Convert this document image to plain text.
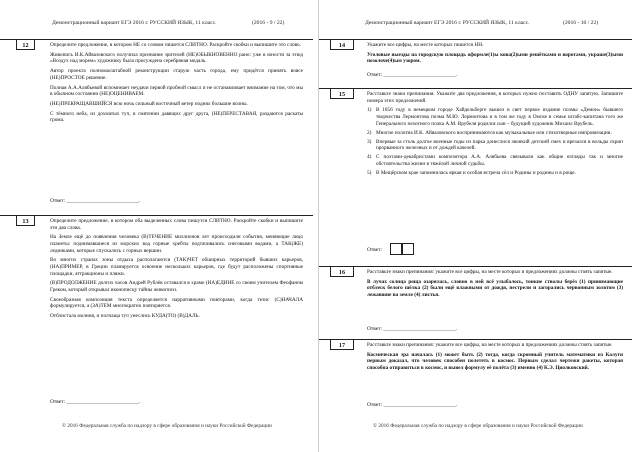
Демонстрационный вариант ЕГЭ 2016 г. РУССКИЙ ЯЗЫК, 11 класс.	(2016 - 9 / 22)
12	Определите предложение, в котором НЕ со словом пишется СЛИТНО. Раскройте скобки и выпишите это слово.

Живопись И.К.Айвазовского получила признание зрителей (НЕ)ОБЫКНОВЕННО рано: уже в юности за этюд «Воздух над морем» художнику была присуждена серебряная медаль.

Автор проекта полномасштабной реконструкции старую часть города, ему придётся принять вовсе (НЕ)ПРОСТОЕ решение.

Полная А.А.Алябьевой вспоминает неудачи первой пробной смысл и не останавливает внимание на том, что мы в обычном состоянии (НЕ)ОЦЕНИВАЕМ.

(НЕ)ПРЕКРАЩАВШИЙСЯ всю ночь сильный восточный ветер поднял большие волны.

С тёмного неба, из дохматых туч, в смятении давящих друг друга, (НЕ)ПЕРЕСТАВАЯ, раздаются раскаты грома.

Ответ: ___________________________.
13	Определите предложение, в котором оба выделенных слова пишутся СЛИТНО. Раскройте скобки и выпишите эти два слова.

На Земле ещё до появления человека (В)ТЕЧЕНИЕ миллионов лет происходили события, меняющие лицо планеты: поднимавшиеся из морских вод горные хребты подтачивались снеговыми водами, а ТАК(ЖЕ) ледниками, которые спускались с горных вершин.

Во многих странах зоны отдыха располагаются (ТАК)ЧЕТ обширных территорий бывших карьеров, (НА)ПРИМЕР, в Греции планируется освоение нескольких карьеров, где будут расположены спортивные площадки, аттракционы и пляжи.

(В)ПРОДОЛЖЕНИЕ долгих часов Андрей Рублёв оставался в храме (НА)ЕДИНЕ со своим учителем Феофаном Греком, который открывал иконописцу тайны живописи.

Своеобразная композиция текста определяется нарративными повторами, когда тезис (С)НАЧАЛА формулируется, а (ЗА)ТЕМ многократно повторяется.

Отблистала молния, и полчаща туч унеслись КУДА(ТО) (В)ДАЛЬ.

Ответ: ___________________________.
© 2016 Федеральная служба по надзору в сфере образования и науки Российской Федерации
Демонстрационный вариант ЕГЭ 2016 г. РУССКИЙ ЯЗЫК, 11 класс.	(2016 - 10 / 22)
14	Укажите все цифры, на месте которых пишется НН.

Уголовые выезды на городскую площадь оформле(1)ы кова(2)ыми решётками и воротами, украше(3)ыми позолоче(4)ым узором.

Ответ: ___________________________.
15	Расставьте знаки препинания. Укажите два предложения, в которых нужно поставить ОДНУ запятую. Запишите номера этих предложений.

1) В 1856 году в немецком городе Хайдельберге вышел в свет первое издание поэмы «Демон» бывшего творчества Лермонтова поэма М.Ю. Лермонтова и в том же году в Омске в семье штабс-капитана того же Генерального пехотного полка А.М. Врубеля родился сын – будущий художник Михаил Врубель.
2) Многие полотна И.К. Айвазовского воспринимаются как музыкальные или стихотворные импровизации.
3) Впервые за столь долгое военные годы из парка донеслися звонкий детский смех и врезался в вольды скрип прорванного железных и от дождей качелей.
4) С поэтами-декабристами композитора А.А. Алябьева связывали как общие взгляды так и многие обстоятельства жизни в тяжёлой личной судьбы.
5) В Мещёрском крае запомнилась яркая и особая встреча сёл и Родины и родины и в роще.
Ответ:
16	Расставьте знаки препинания: укажите все цифры, на месте которых в предложениях должны стоять запятые.

В лучах солнца роща озарялась, словно в ней всё улыбалось, тонкие стволы берёз (1) принимающие отблеск белого шёлка (2) были ещё влажными от дождя, пестрели и загорались червонным золотом (3) лежавшие на земле (4) листья.

Ответ: ___________________________.
17	Расставьте знаки препинания: укажите все цифры, на месте которых в предложениях должны стоять запятые.

Космическая эра началась (1) может быть (2) тогда, когда скромный учитель математики из Калуги первым доказал, что человек способен полететь в космос. Первым сделал чертежи ракеты, которая способна отправиться в космос, и вывел формулу её полёта (3) именно (4) К.Э. Циолковский.

Ответ: ___________________________.
© 2016 Федеральная служба по надзору в сфере образования и науки Российской Федерации
